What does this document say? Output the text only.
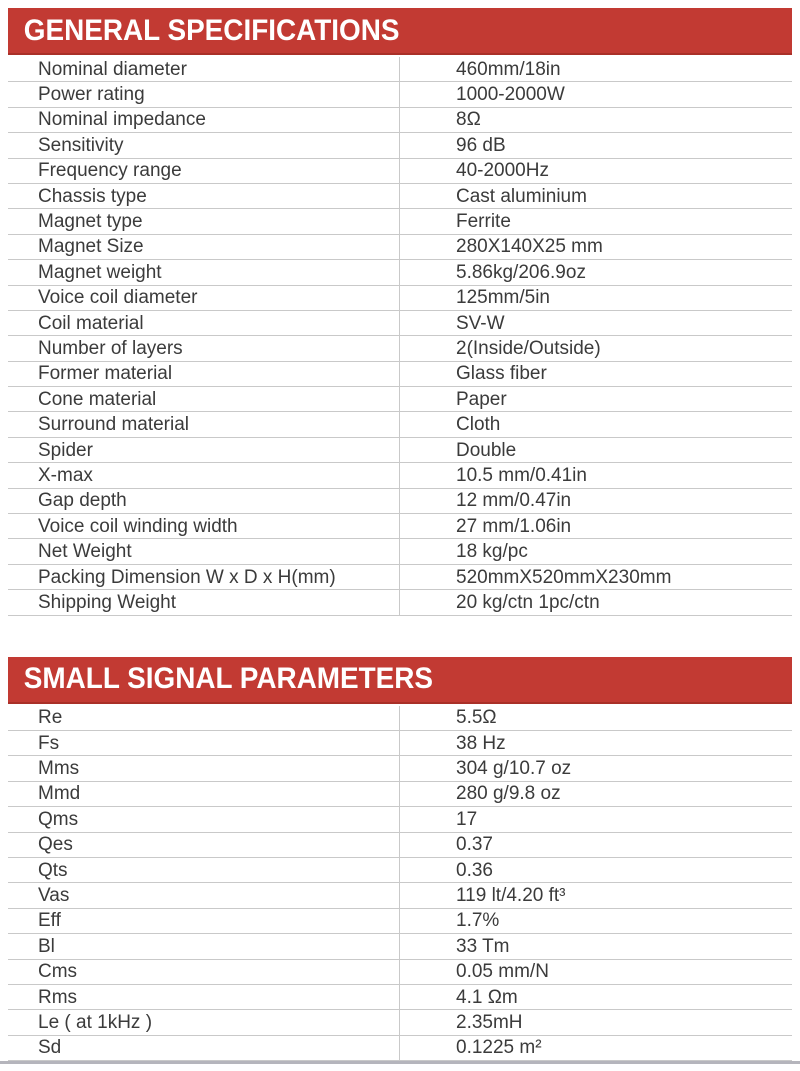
GENERAL SPECIFICATIONS
Nominal diameter	460mm/18in
Power rating	1000-2000W
Nominal impedance	8Ω
Sensitivity	96 dB
Frequency range	40-2000Hz
Chassis type	Cast aluminium
Magnet type	Ferrite
Magnet Size	280X140X25 mm
Magnet weight	5.86kg/206.9oz
Voice coil diameter	125mm/5in
Coil material	SV-W
Number of layers	2(Inside/Outside)
Former material	Glass fiber
Cone material	Paper
Surround material	Cloth
Spider	Double
X-max	10.5 mm/0.41in
Gap depth	12 mm/0.47in
Voice coil winding width	27 mm/1.06in
Net Weight	18 kg/pc
Packing Dimension W x D x H(mm)	520mmX520mmX230mm
Shipping Weight	20 kg/ctn 1pc/ctn
SMALL SIGNAL PARAMETERS
Re	5.5Ω
Fs	38 Hz
Mms	304 g/10.7 oz
Mmd	280 g/9.8 oz
Qms	17
Qes	0.37
Qts	0.36
Vas	119 lt/4.20 ft³
Eff	1.7%
Bl	33 Tm
Cms	0.05 mm/N
Rms	4.1 Ωm
Le ( at 1kHz )	2.35mH
Sd	0.1225 m²
